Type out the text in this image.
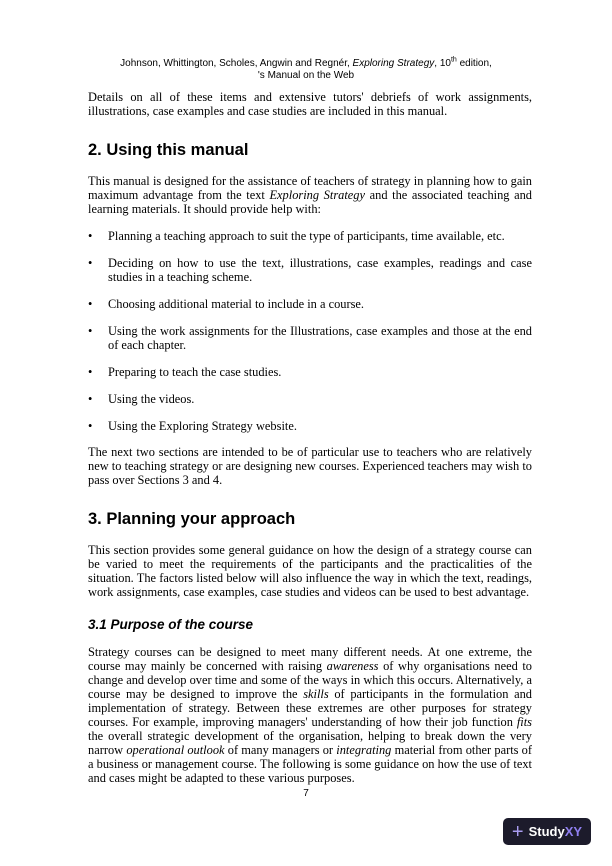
Johnson, Whittington, Scholes, Angwin and Regnér, Exploring Strategy, 10th edition,
's Manual on the Web
Details on all of these items and extensive tutors' debriefs of work assignments, illustrations, case examples and case studies are included in this manual.
2. Using this manual
This manual is designed for the assistance of teachers of strategy in planning how to gain maximum advantage from the text Exploring Strategy and the associated teaching and learning materials. It should provide help with:
• Planning a teaching approach to suit the type of participants, time available, etc.
• Deciding on how to use the text, illustrations, case examples, readings and case studies in a teaching scheme.
• Choosing additional material to include in a course.
• Using the work assignments for the Illustrations, case examples and those at the end of each chapter.
• Preparing to teach the case studies.
• Using the videos.
• Using the Exploring Strategy website.
The next two sections are intended to be of particular use to teachers who are relatively new to teaching strategy or are designing new courses. Experienced teachers may wish to pass over Sections 3 and 4.
3. Planning your approach
This section provides some general guidance on how the design of a strategy course can be varied to meet the requirements of the participants and the practicalities of the situation. The factors listed below will also influence the way in which the text, readings, work assignments, case examples, case studies and videos can be used to best advantage.
3.1 Purpose of the course
Strategy courses can be designed to meet many different needs. At one extreme, the course may mainly be concerned with raising awareness of why organisations need to change and develop over time and some of the ways in which this occurs. Alternatively, a course may be designed to improve the skills of participants in the formulation and implementation of strategy. Between these extremes are other purposes for strategy courses. For example, improving managers' understanding of how their job function fits the overall strategic development of the organisation, helping to break down the very narrow operational outlook of many managers or integrating material from other parts of a business or management course. The following is some guidance on how the use of text and cases might be adapted to these various purposes.
7
+ StudyXY
